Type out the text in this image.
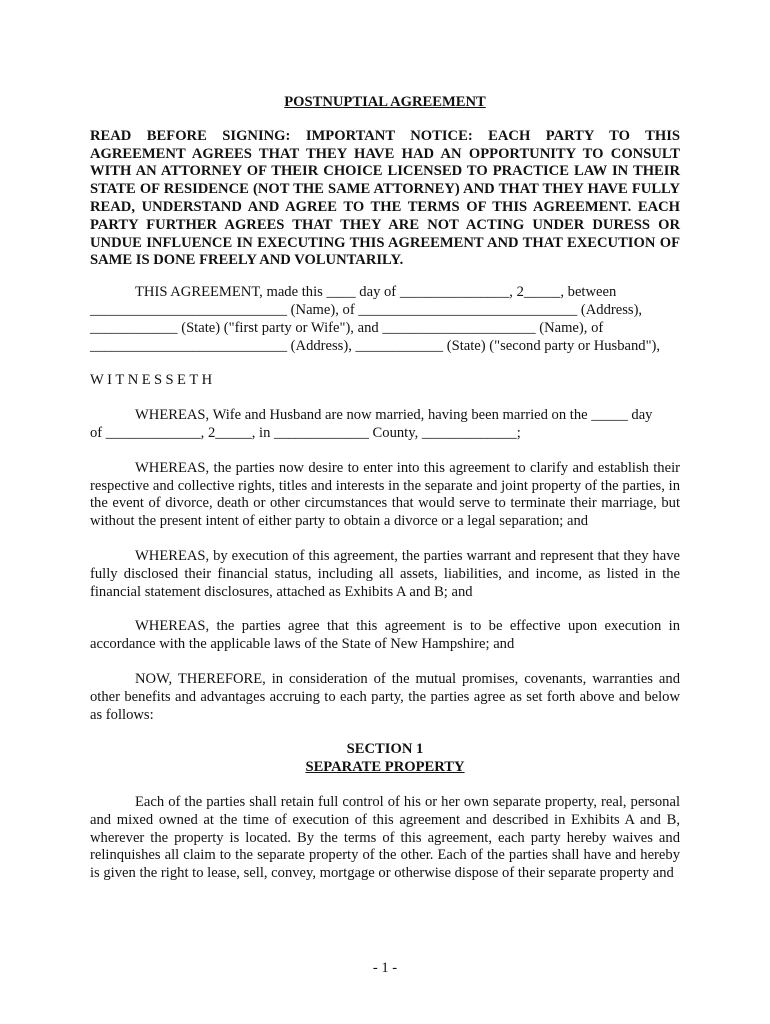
POSTNUPTIAL AGREEMENT

READ BEFORE SIGNING: IMPORTANT NOTICE: EACH PARTY TO THIS AGREEMENT AGREES THAT THEY HAVE HAD AN OPPORTUNITY TO CONSULT WITH AN ATTORNEY OF THEIR CHOICE LICENSED TO PRACTICE LAW IN THEIR STATE OF RESIDENCE (NOT THE SAME ATTORNEY) AND THAT THEY HAVE FULLY READ, UNDERSTAND AND AGREE TO THE TERMS OF THIS AGREEMENT. EACH PARTY FURTHER AGREES THAT THEY ARE NOT ACTING UNDER DURESS OR UNDUE INFLUENCE IN EXECUTING THIS AGREEMENT AND THAT EXECUTION OF SAME IS DONE FREELY AND VOLUNTARILY.

THIS AGREEMENT, made this ____ day of _______________, 2_____, between

___________________________ (Name), of ______________________________ (Address),

____________ (State) ("first party or Wife"), and _____________________ (Name), of

___________________________ (Address), ____________ (State) ("second party or Husband"),

WITNESSETH

WHEREAS, Wife and Husband are now married, having been married on the _____ day

of _____________, 2_____, in _____________ County, _____________;

WHEREAS, the parties now desire to enter into this agreement to clarify and establish their respective and collective rights, titles and interests in the separate and joint property of the parties, in the event of divorce, death or other circumstances that would serve to terminate their marriage, but without the present intent of either party to obtain a divorce or a legal separation; and

WHEREAS, by execution of this agreement, the parties warrant and represent that they have fully disclosed their financial status, including all assets, liabilities, and income, as listed in the financial statement disclosures, attached as Exhibits A and B; and

WHEREAS, the parties agree that this agreement is to be effective upon execution in accordance with the applicable laws of the State of New Hampshire; and

NOW, THEREFORE, in consideration of the mutual promises, covenants, warranties and other benefits and advantages accruing to each party, the parties agree as set forth above and below as follows:

SECTION 1
SEPARATE PROPERTY

Each of the parties shall retain full control of his or her own separate property, real, personal and mixed owned at the time of execution of this agreement and described in Exhibits A and B, wherever the property is located. By the terms of this agreement, each party hereby waives and relinquishes all claim to the separate property of the other. Each of the parties shall have and hereby is given the right to lease, sell, convey, mortgage or otherwise dispose of their separate property and

- 1 -
